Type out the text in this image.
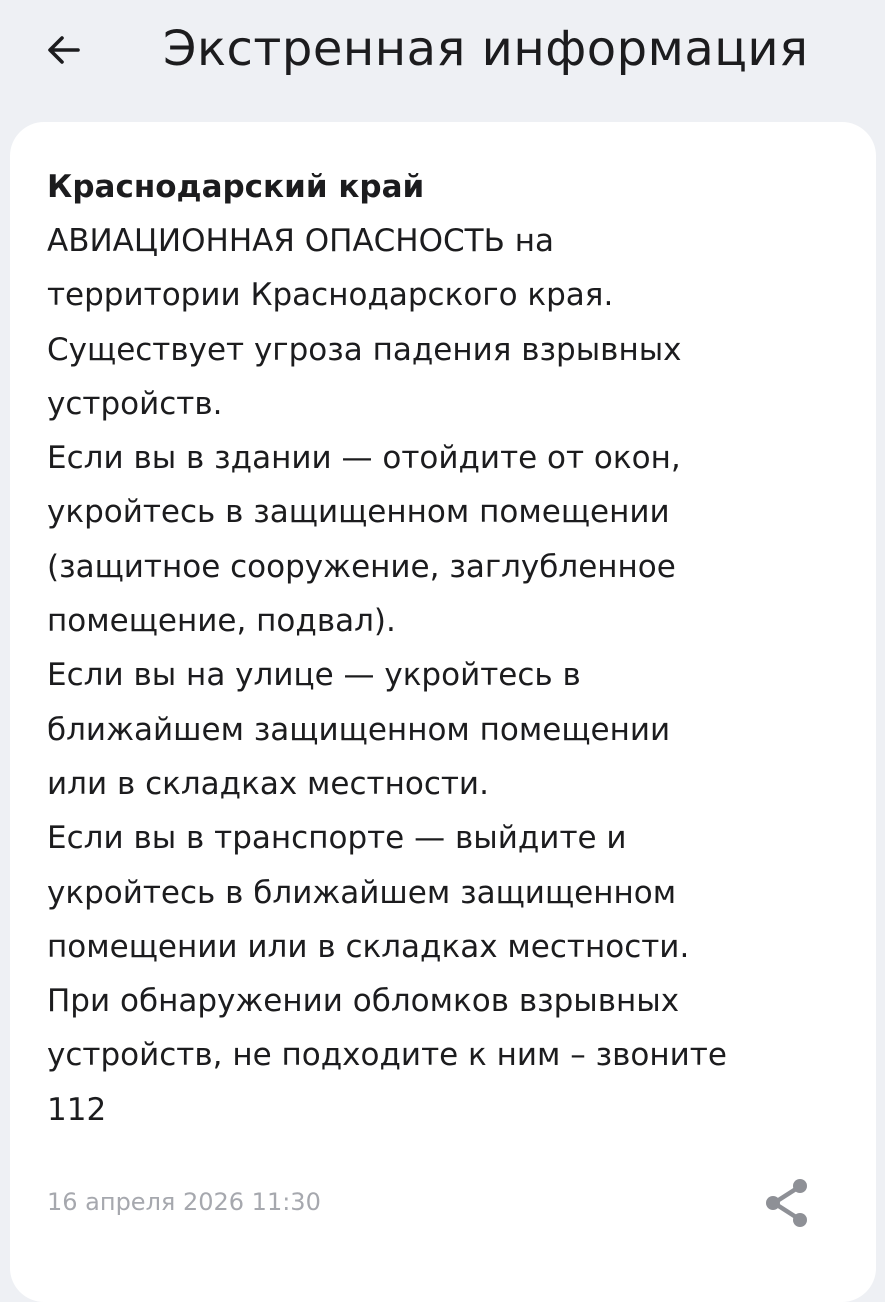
Экстренная информация
Краснодарский край
АВИАЦИОННАЯ ОПАСНОСТЬ на
территории Краснодарского края.
Существует угроза падения взрывных
устройств.
Если вы в здании — отойдите от окон,
укройтесь в защищенном помещении
(защитное сооружение, заглубленное
помещение, подвал).
Если вы на улице — укройтесь в
ближайшем защищенном помещении
или в складках местности.
Если вы в транспорте — выйдите и
укройтесь в ближайшем защищенном
помещении или в складках местности.
При обнаружении обломков взрывных
устройств, не подходите к ним – звоните
112
16 апреля 2026 11:30
